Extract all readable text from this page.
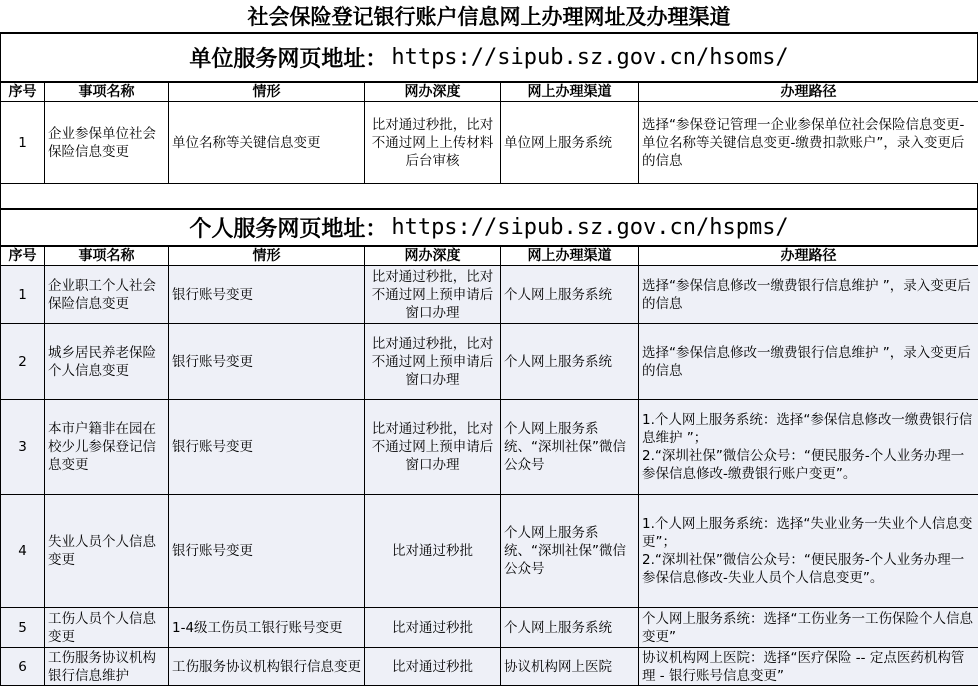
社会保险登记银行账户信息网上办理网址及办理渠道
单位服务网页地址： https://sipub.sz.gov.cn/hsoms/
序号	事项名称	情形	网办深度	网上办理渠道	办理路径
1	企业参保单位社会保险信息变更	单位名称等关键信息变更	比对通过秒批，比对不通过网上上传材料后台审核	单位网上服务系统	选择“参保登记管理一企业参保单位社会保险信息变更-单位名称等关键信息变更-缴费扣款账户”，录入变更后的信息
个人服务网页地址： https://sipub.sz.gov.cn/hspms/
序号	事项名称	情形	网办深度	网上办理渠道	办理路径
1	企业职工个人社会保险信息变更	银行账号变更	比对通过秒批，比对不通过网上预申请后窗口办理	个人网上服务系统	选择“参保信息修改一缴费银行信息维护 ”，录入变更后的信息
2	城乡居民养老保险个人信息变更	银行账号变更	比对通过秒批，比对不通过网上预申请后窗口办理	个人网上服务系统	选择“参保信息修改一缴费银行信息维护 ”，录入变更后的信息
3	本市户籍非在园在校少儿参保登记信息变更	银行账号变更	比对通过秒批，比对不通过网上预申请后窗口办理	个人网上服务系统、“深圳社保”微信公众号	1.个人网上服务系统：选择“参保信息修改一缴费银行信息维护 ”；
2.“深圳社保”微信公众号：“便民服务-个人业务办理一参保信息修改-缴费银行账户变更”。

4	失业人员个人信息变更	银行账号变更	比对通过秒批	个人网上服务系统、“深圳社保”微信公众号	1.个人网上服务系统：选择“失业业务一失业个人信息变更”；
2.“深圳社保”微信公众号：“便民服务-个人业务办理一参保信息修改-失业人员个人信息变更”。

5	工伤人员个人信息变更	1-4级工伤员工银行账号变更	比对通过秒批	个人网上服务系统	个人网上服务系统：选择“工伤业务一工伤保险个人信息变更”
6	工伤服务协议机构银行信息维护	工伤服务协议机构银行信息变更	比对通过秒批	协议机构网上医院	协议机构网上医院：选择“医疗保险 -- 定点医药机构管理 - 银行账号信息变更”
